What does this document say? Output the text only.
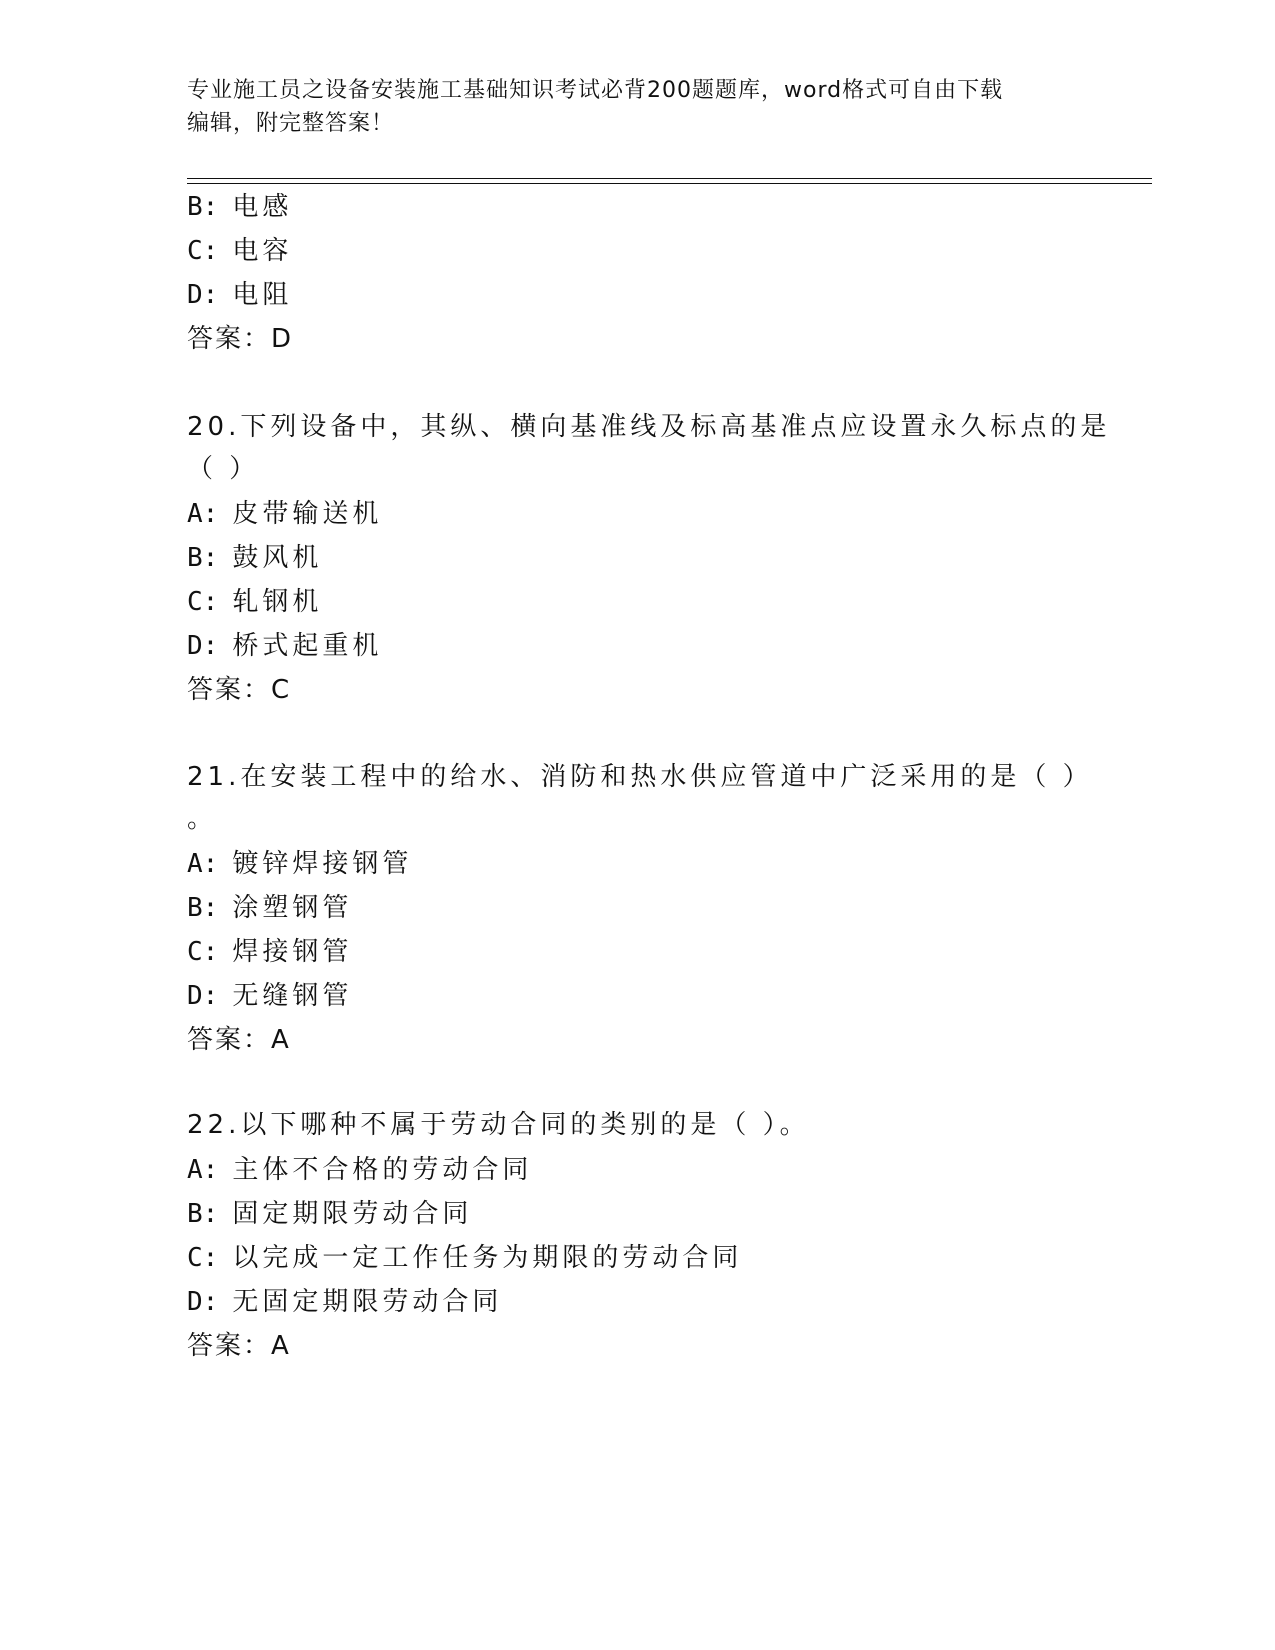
专业施工员之设备安装施工基础知识考试必背200题题库，word格式可自由下载
编辑，附完整答案！
B: 电感
C: 电容
D: 电阻
答案：D
20.下列设备中，其纵、横向基准线及标高基准点应设置永久标点的是
（ ）
A: 皮带输送机
B: 鼓风机
C: 轧钢机
D: 桥式起重机
答案：C
21.在安装工程中的给水、消防和热水供应管道中广泛采用的是（ ）
。
A: 镀锌焊接钢管
B: 涂塑钢管
C: 焊接钢管
D: 无缝钢管
答案：A
22.以下哪种不属于劳动合同的类别的是（ ）。
A: 主体不合格的劳动合同
B: 固定期限劳动合同
C: 以完成一定工作任务为期限的劳动合同
D: 无固定期限劳动合同
答案：A
